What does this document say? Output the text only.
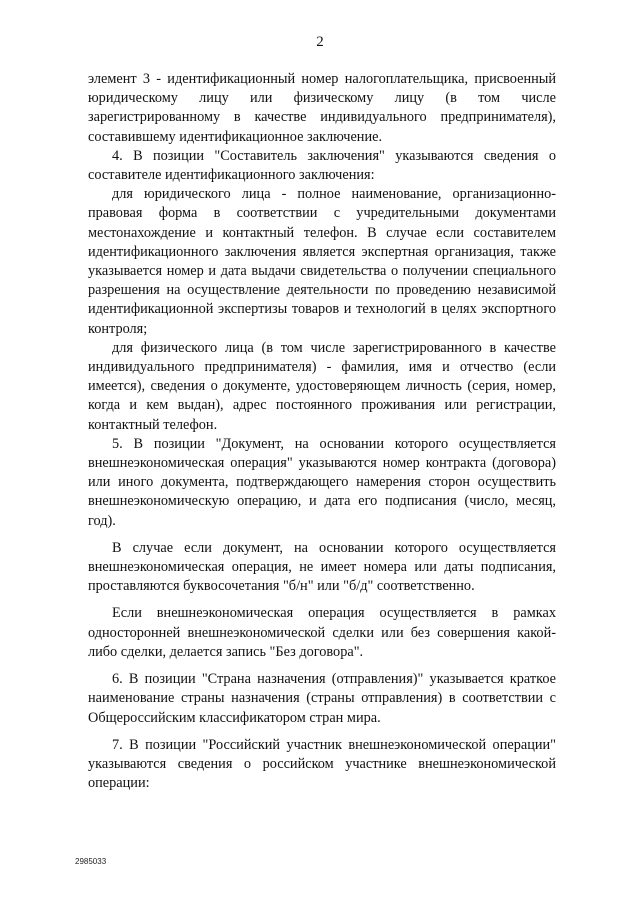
2

элемент 3 - идентификационный номер налогоплательщика, присвоенный юридическому лицу или физическому лицу (в том числе зарегистрированному в качестве индивидуального предпринимателя), составившему идентификационное заключение.

4. В позиции "Составитель заключения" указываются сведения о составителе идентификационного заключения:

для юридического лица - полное наименование, организационно-правовая форма в соответствии с учредительными документами местонахождение и контактный телефон. В случае если составителем идентификационного заключения является экспертная организация, также указывается номер и дата выдачи свидетельства о получении специального разрешения на осуществление деятельности по проведению независимой идентификационной экспертизы товаров и технологий в целях экспортного контроля;

для физического лица (в том числе зарегистрированного в качестве индивидуального предпринимателя) - фамилия, имя и отчество (если имеется), сведения о документе, удостоверяющем личность (серия, номер, когда и кем выдан), адрес постоянного проживания или регистрации, контактный телефон.

5. В позиции "Документ, на основании которого осуществляется внешнеэкономическая операция" указываются номер контракта (договора) или иного документа, подтверждающего намерения сторон осуществить внешнеэкономическую операцию, и дата его подписания (число, месяц, год).

В случае если документ, на основании которого осуществляется внешнеэкономическая операция, не имеет номера или даты подписания, проставляются буквосочетания "б/н" или "б/д" соответственно.

Если внешнеэкономическая операция осуществляется в рамках односторонней внешнеэкономической сделки или без совершения какой-либо сделки, делается запись "Без договора".

6. В позиции "Страна назначения (отправления)" указывается краткое наименование страны назначения (страны отправления) в соответствии с Общероссийским классификатором стран мира.

7. В позиции "Российский участник внешнеэкономической операции" указываются сведения о российском участнике внешнеэкономической операции:

2985033
